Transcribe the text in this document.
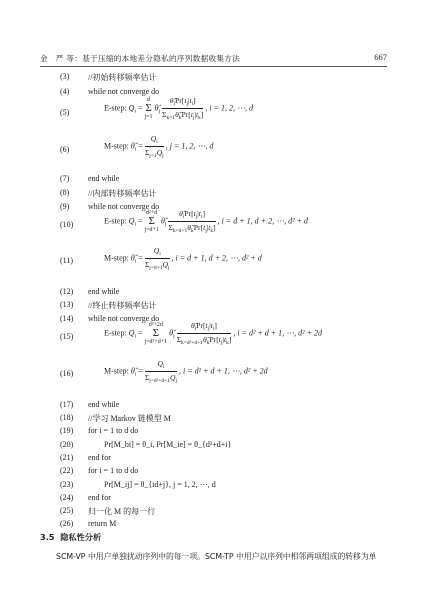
金　严 等：基于压缩的本地差分隐私的序列数据收集方法	667
(3)
(4)
(5)
(6)
(7)
(8)
(9)
(10)
(11)
(12)
(13)
(14)
(15)
(16)
(17)
(18)
(19)
(20)
(21)
(22)
(23)
(24)
(25)
(26)
//初始转移频率估计
while not converge do
end while
//内部转移频率估计
while not converge do
end while
//终止转移频率估计
while not converge do
end while
//学习 Markov 链模型 M
for i = 1 to d do
Pr[M_bi] = θ_i, Pr[M_ie] = θ_{d²+d+i}
end for
for i = 1 to d do
Pr[M_ij] = θ_{id+j}, j = 1, 2, ⋯, d
end for
归一化 M 的每一行
return M
E-step: $Q_i = d$
Σ
j=1 $\thetâ_j \frac{\thetâ_iPr[t_j|t_i]}{\Sigma_{k=1}\thetâ_kPr[t_j|t_k]}$ , i = 1, 2, ⋯, d
M-step: $\thetâ_i = \frac{Q_i}{\Sigma_{j=1}Q_j}$ , j = 1, 2, ⋯, d
E-step: $Q_i = d^2+d$
Σ
j=d+1 $\thetâ_j \frac{\thetâ_iPr[t_j|t_i]}{\Sigma_{k=d+1}\thetâ_kPr[t_j|t_k]}$ , i = d + 1, d + 2, ⋯, d² + d
M-step: $\thetâ_i = \frac{Q_i}{\Sigma_{j=d+1}Q_j}$ , i = d + 1, d + 2, ⋯, d² + d
E-step: $Q_i = d^2+2d$
Σ
j=d²+d+1 $\thetâ_j \frac{\thetâ_iPr[t_j|t_i]}{\Sigma_{k=d^2+d+1}\thetâ_kPr[t_j|t_k]}$ , i = d² + d + 1, ⋯, d² + 2d
M-step: $\thetâ_i = \frac{Q_i}{\Sigma_{j=d^2+d+1}Q_j}$ , i = d² + d + 1, ⋯, d² + 2d
3.5 隐私性分析
SCM-VP 中用户单独扰动序列中的每一项。SCM-TP 中用户以序列中相邻两项组成的转移为单
